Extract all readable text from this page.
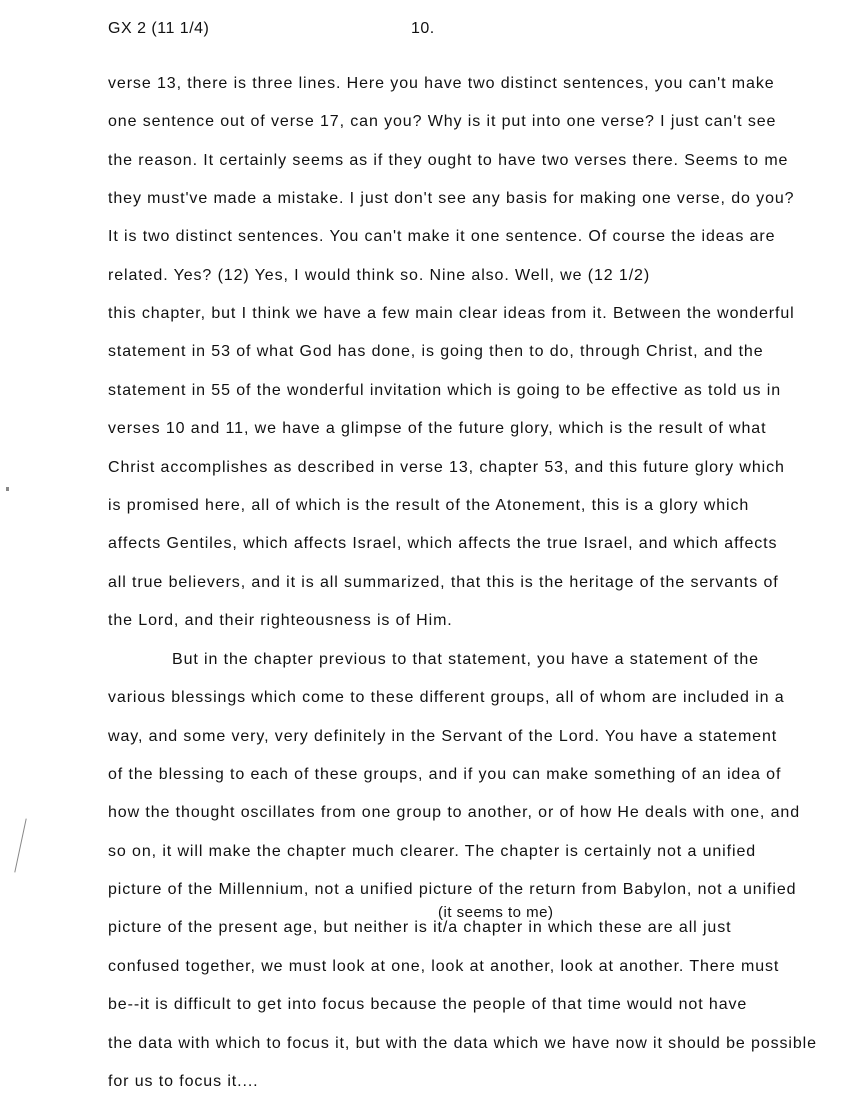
GX 2 (11 1/4)	10.
verse 13, there is three lines. Here you have two distinct sentences, you can't make
one sentence out of verse 17, can you? Why is it put into one verse? I just can't see
the reason. It certainly seems as if they ought to have two verses there. Seems to me
they must've made a mistake. I just don't see any basis for making one verse, do you?
It is two distinct sentences. You can't make it one sentence. Of course the ideas are
related. Yes? (12) Yes, I would think so. Nine also. Well, we (12 1/2)
this chapter, but I think we have a few main clear ideas from it. Between the wonderful
statement in 53 of what God has done, is going then to do, through Christ, and the
statement in 55 of the wonderful invitation which is going to be effective as told us in
verses 10 and 11, we have a glimpse of the future glory, which is the result of what
Christ accomplishes as described in verse 13, chapter 53, and this future glory which
is promised here, all of which is the result of the Atonement, this is a glory which
affects Gentiles, which affects Israel, which affects the true Israel, and which affects
all true believers, and it is all summarized, that this is the heritage of the servants of
the Lord, and their righteousness is of Him.
But in the chapter previous to that statement, you have a statement of the
various blessings which come to these different groups, all of whom are included in a
way, and some very, very definitely in the Servant of the Lord. You have a statement
of the blessing to each of these groups, and if you can make something of an idea of
how the thought oscillates from one group to another, or of how He deals with one, and
so on, it will make the chapter much clearer. The chapter is certainly not a unified
picture of the Millennium, not a unified picture of the return from Babylon, not a unified
picture of the present age, but neither is it/a chapter in which these are all just
confused together, we must look at one, look at another, look at another. There must
be--it is difficult to get into focus because the people of that time would not have
the data with which to focus it, but with the data which we have now it should be possible
for us to focus it....
(it seems to me)
